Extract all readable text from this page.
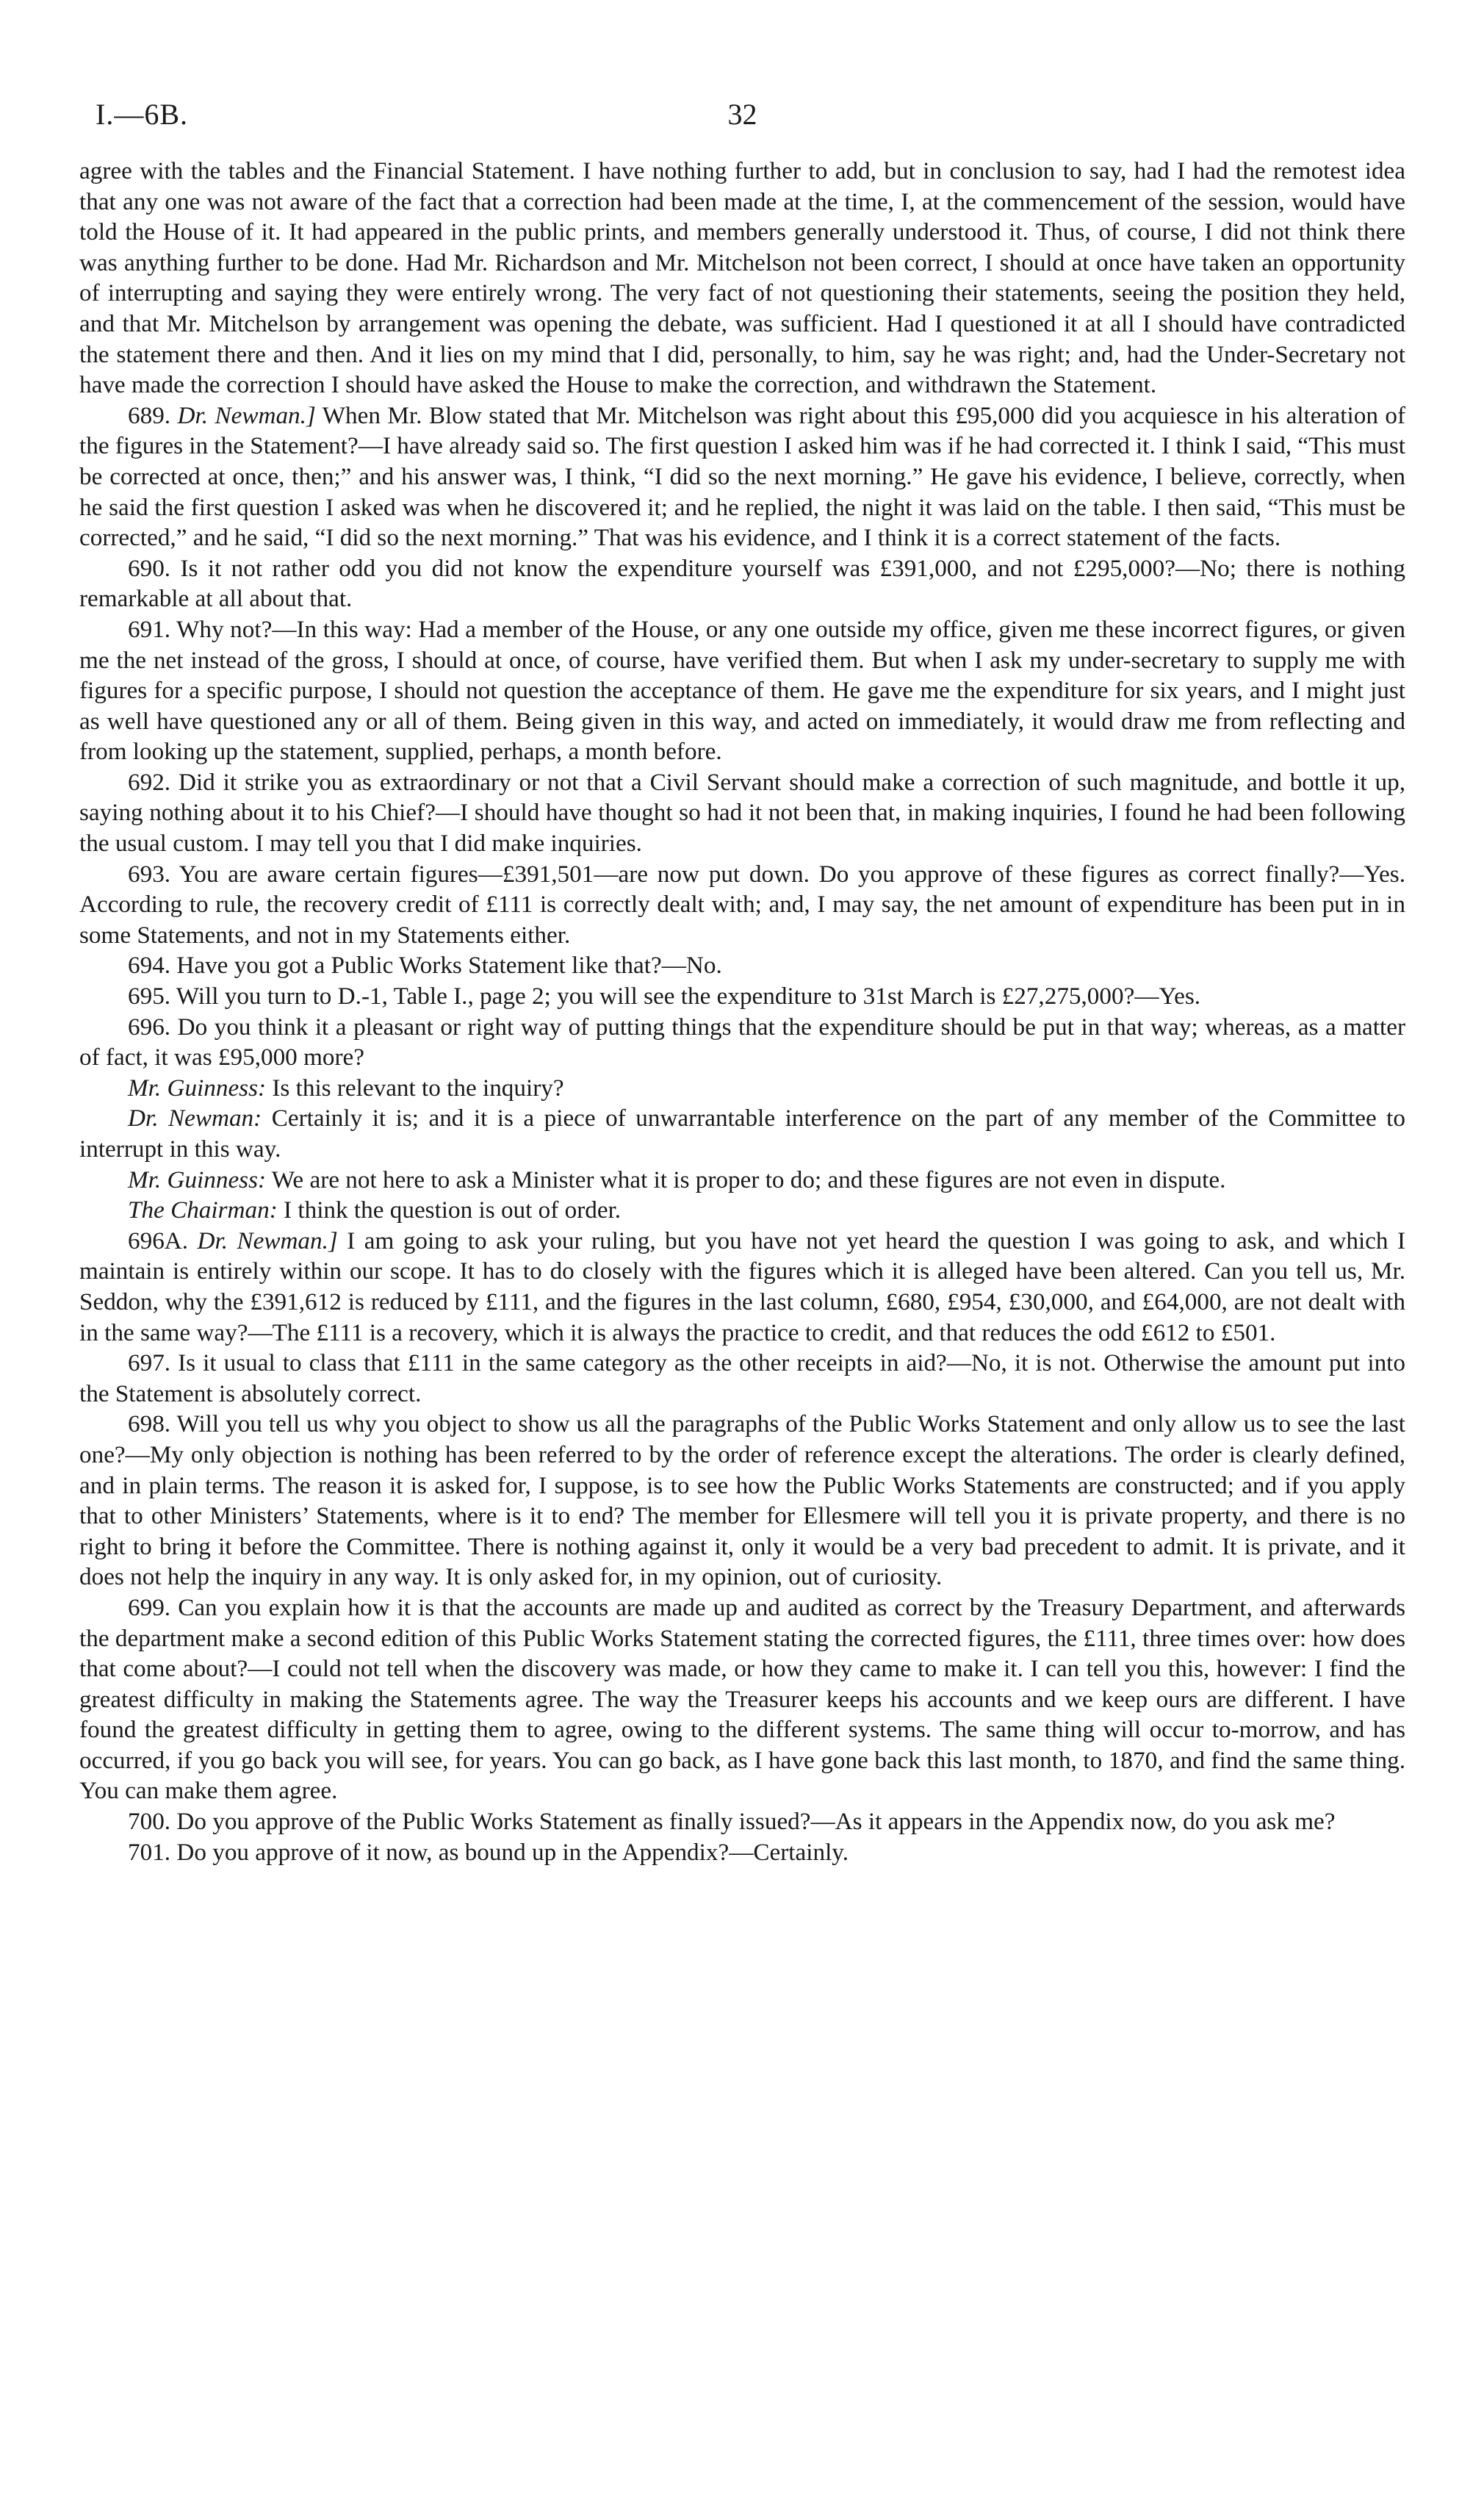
I.—6B.	32

agree with the tables and the Financial Statement. I have nothing further to add, but in conclusion to say, had I had the remotest idea that any one was not aware of the fact that a correction had been made at the time, I, at the commencement of the session, would have told the House of it. It had appeared in the public prints, and members generally understood it. Thus, of course, I did not think there was anything further to be done. Had Mr. Richardson and Mr. Mitchelson not been correct, I should at once have taken an opportunity of interrupting and saying they were entirely wrong. The very fact of not questioning their statements, seeing the position they held, and that Mr. Mitchelson by arrangement was opening the debate, was sufficient. Had I questioned it at all I should have contradicted the statement there and then. And it lies on my mind that I did, personally, to him, say he was right; and, had the Under-Secretary not have made the correction I should have asked the House to make the correction, and withdrawn the Statement.

689. Dr. Newman.] When Mr. Blow stated that Mr. Mitchelson was right about this £95,000 did you acquiesce in his alteration of the figures in the Statement?—I have already said so. The first question I asked him was if he had corrected it. I think I said, “This must be corrected at once, then;” and his answer was, I think, “I did so the next morning.” He gave his evidence, I believe, correctly, when he said the first question I asked was when he discovered it; and he replied, the night it was laid on the table. I then said, “This must be corrected,” and he said, “I did so the next morning.” That was his evidence, and I think it is a correct statement of the facts.

690. Is it not rather odd you did not know the expenditure yourself was £391,000, and not £295,000?—No; there is nothing remarkable at all about that.

691. Why not?—In this way: Had a member of the House, or any one outside my office, given me these incorrect figures, or given me the net instead of the gross, I should at once, of course, have verified them. But when I ask my under-secretary to supply me with figures for a specific purpose, I should not question the acceptance of them. He gave me the expenditure for six years, and I might just as well have questioned any or all of them. Being given in this way, and acted on immediately, it would draw me from reflecting and from looking up the statement, supplied, perhaps, a month before.

692. Did it strike you as extraordinary or not that a Civil Servant should make a correction of such magnitude, and bottle it up, saying nothing about it to his Chief?—I should have thought so had it not been that, in making inquiries, I found he had been following the usual custom. I may tell you that I did make inquiries.

693. You are aware certain figures—£391,501—are now put down. Do you approve of these figures as correct finally?—Yes. According to rule, the recovery credit of £111 is correctly dealt with; and, I may say, the net amount of expenditure has been put in in some Statements, and not in my Statements either.

694. Have you got a Public Works Statement like that?—No.

695. Will you turn to D.-1, Table I., page 2; you will see the expenditure to 31st March is £27,275,000?—Yes.

696. Do you think it a pleasant or right way of putting things that the expenditure should be put in that way; whereas, as a matter of fact, it was £95,000 more?

Mr. Guinness: Is this relevant to the inquiry?

Dr. Newman: Certainly it is; and it is a piece of unwarrantable interference on the part of any member of the Committee to interrupt in this way.

Mr. Guinness: We are not here to ask a Minister what it is proper to do; and these figures are not even in dispute.

The Chairman: I think the question is out of order.

696A. Dr. Newman.] I am going to ask your ruling, but you have not yet heard the question I was going to ask, and which I maintain is entirely within our scope. It has to do closely with the figures which it is alleged have been altered. Can you tell us, Mr. Seddon, why the £391,612 is reduced by £111, and the figures in the last column, £680, £954, £30,000, and £64,000, are not dealt with in the same way?—The £111 is a recovery, which it is always the practice to credit, and that reduces the odd £612 to £501.

697. Is it usual to class that £111 in the same category as the other receipts in aid?—No, it is not. Otherwise the amount put into the Statement is absolutely correct.

698. Will you tell us why you object to show us all the paragraphs of the Public Works Statement and only allow us to see the last one?—My only objection is nothing has been referred to by the order of reference except the alterations. The order is clearly defined, and in plain terms. The reason it is asked for, I suppose, is to see how the Public Works Statements are constructed; and if you apply that to other Ministers’ Statements, where is it to end? The member for Ellesmere will tell you it is private property, and there is no right to bring it before the Committee. There is nothing against it, only it would be a very bad precedent to admit. It is private, and it does not help the inquiry in any way. It is only asked for, in my opinion, out of curiosity.

699. Can you explain how it is that the accounts are made up and audited as correct by the Treasury Department, and afterwards the department make a second edition of this Public Works Statement stating the corrected figures, the £111, three times over: how does that come about?—I could not tell when the discovery was made, or how they came to make it. I can tell you this, however: I find the greatest difficulty in making the Statements agree. The way the Treasurer keeps his accounts and we keep ours are different. I have found the greatest difficulty in getting them to agree, owing to the different systems. The same thing will occur to-morrow, and has occurred, if you go back you will see, for years. You can go back, as I have gone back this last month, to 1870, and find the same thing. You can make them agree.

700. Do you approve of the Public Works Statement as finally issued?—As it appears in the Appendix now, do you ask me?

701. Do you approve of it now, as bound up in the Appendix?—Certainly.
